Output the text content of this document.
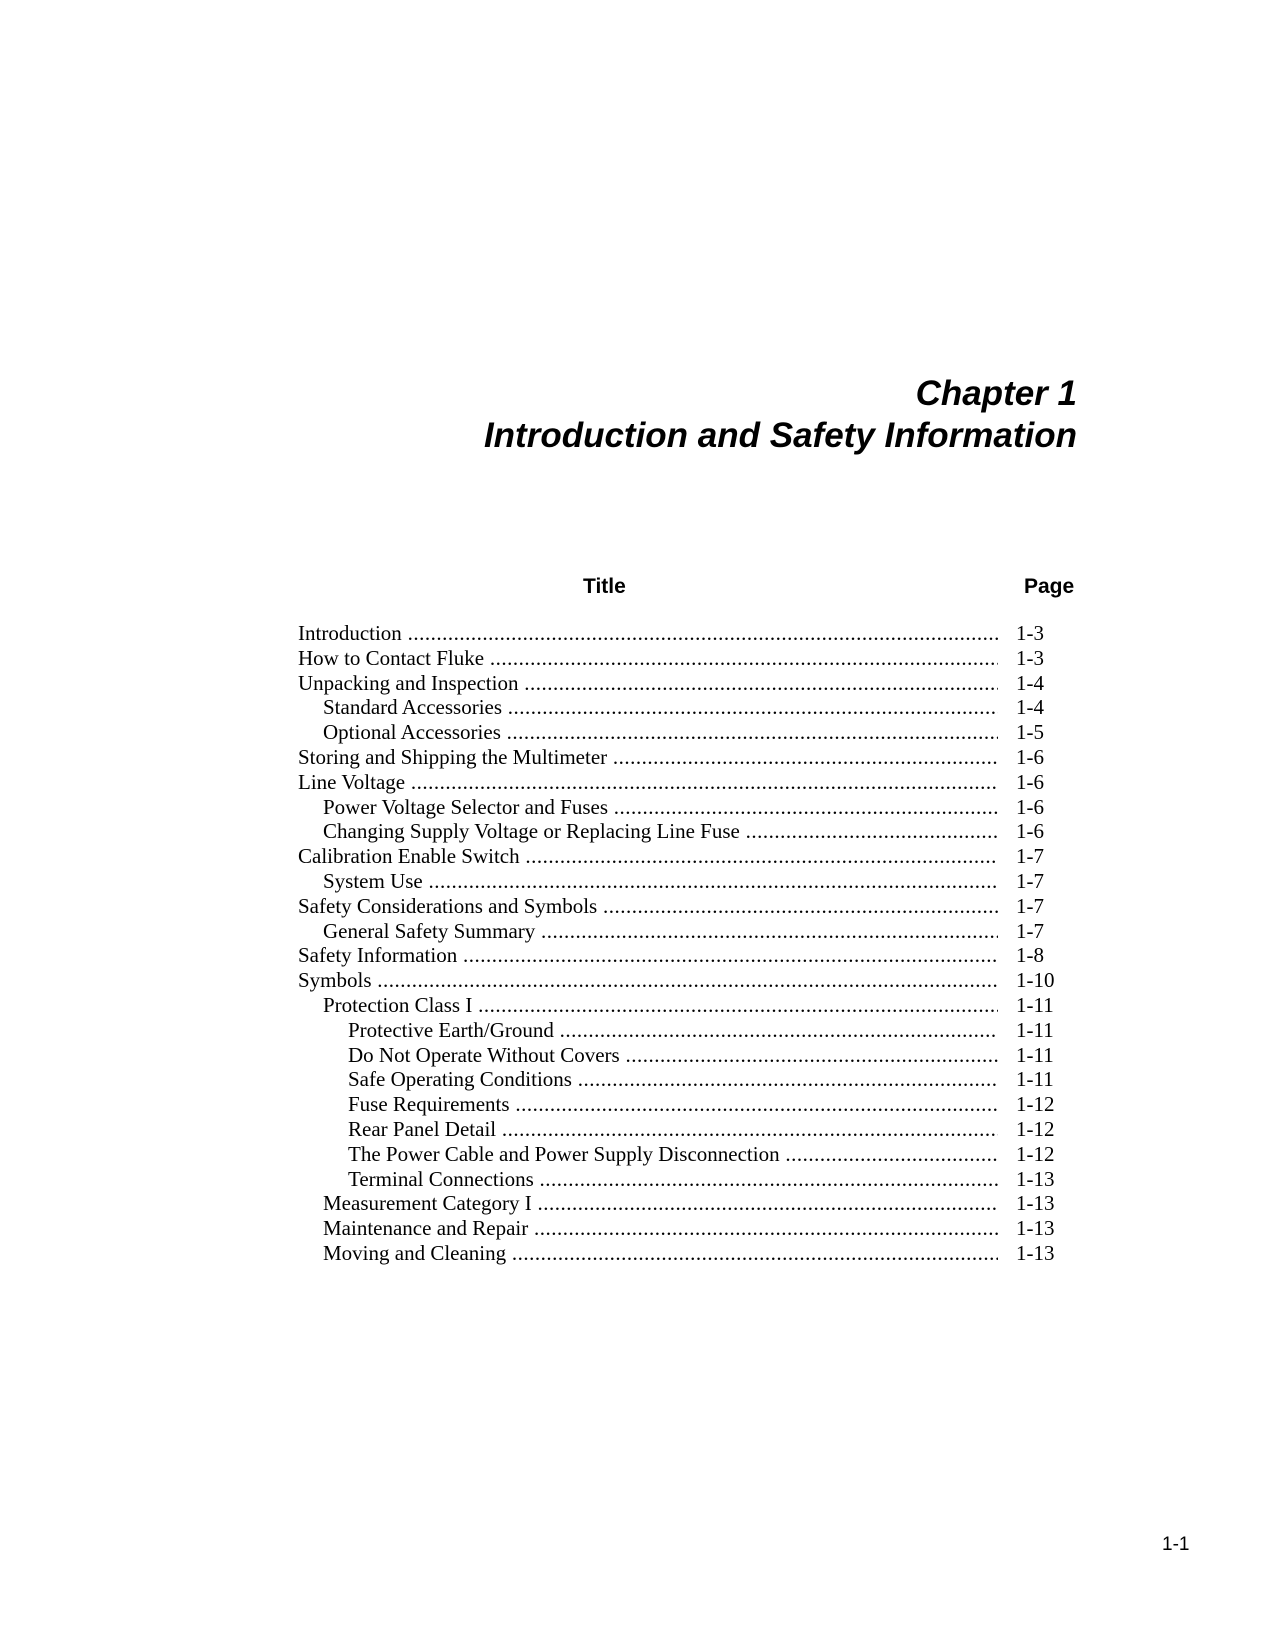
Chapter 1
Introduction and Safety Information
Title	Page
Introduction .....	1-3
How to Contact Fluke .....	1-3
Unpacking and Inspection .....	1-4
Standard Accessories .....	1-4
Optional Accessories .....	1-5
Storing and Shipping the Multimeter .....	1-6
Line Voltage .....	1-6
Power Voltage Selector and Fuses .....	1-6
Changing Supply Voltage or Replacing Line Fuse .....	1-6
Calibration Enable Switch .....	1-7
System Use .....	1-7
Safety Considerations and Symbols .....	1-7
General Safety Summary .....	1-7
Safety Information .....	1-8
Symbols .....	1-10
Protection Class I .....	1-11
Protective Earth/Ground .....	1-11
Do Not Operate Without Covers .....	1-11
Safe Operating Conditions .....	1-11
Fuse Requirements .....	1-12
Rear Panel Detail .....	1-12
The Power Cable and Power Supply Disconnection .....	1-12
Terminal Connections .....	1-13
Measurement Category I .....	1-13
Maintenance and Repair .....	1-13
Moving and Cleaning .....	1-13
1-1
